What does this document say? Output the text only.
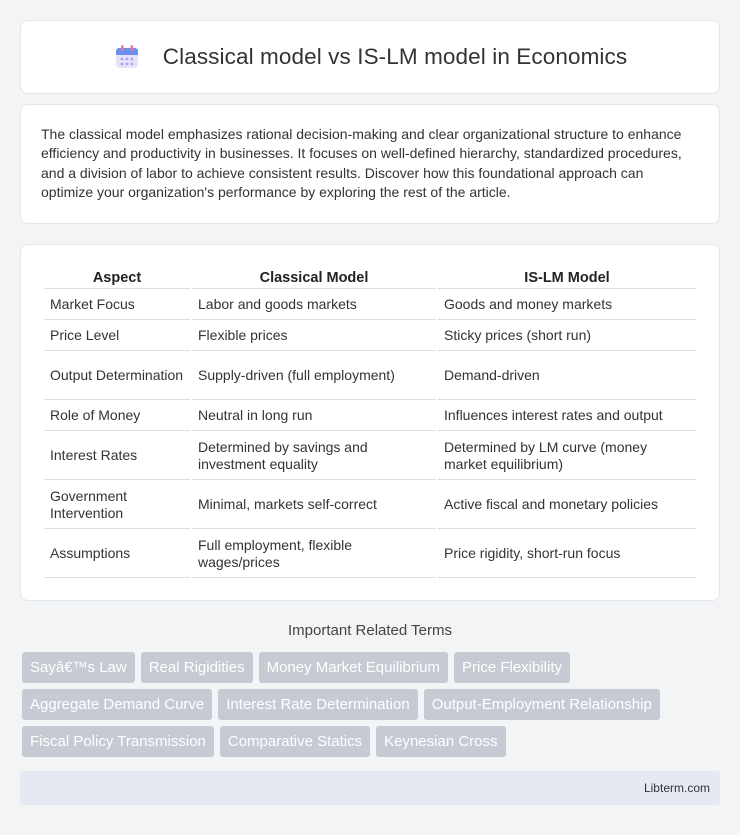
Classical model vs IS-LM model in Economics

The classical model emphasizes rational decision-making and clear organizational structure to enhance efficiency and productivity in businesses. It focuses on well-defined hierarchy, standardized procedures, and a division of labor to achieve consistent results. Discover how this foundational approach can optimize your organization's performance by exploring the rest of the article.

Aspect	Classical Model	IS-LM Model
Market Focus	Labor and goods markets	Goods and money markets
Price Level	Flexible prices	Sticky prices (short run)
Output Determination	Supply-driven (full employment)	Demand-driven
Role of Money	Neutral in long run	Influences interest rates and output
Interest Rates	Determined by savings and investment equality	Determined by LM curve (money market equilibrium)
Government Intervention	Minimal, markets self-correct	Active fiscal and monetary policies
Assumptions	Full employment, flexible wages/prices	Price rigidity, short-run focus
Important Related Terms
Sayâ€™s Law	Real Rigidities	Money Market Equilibrium	Price Flexibility
Aggregate Demand Curve	Interest Rate Determination	Output-Employment Relationship
Fiscal Policy Transmission	Comparative Statics	Keynesian Cross
Libterm.com
